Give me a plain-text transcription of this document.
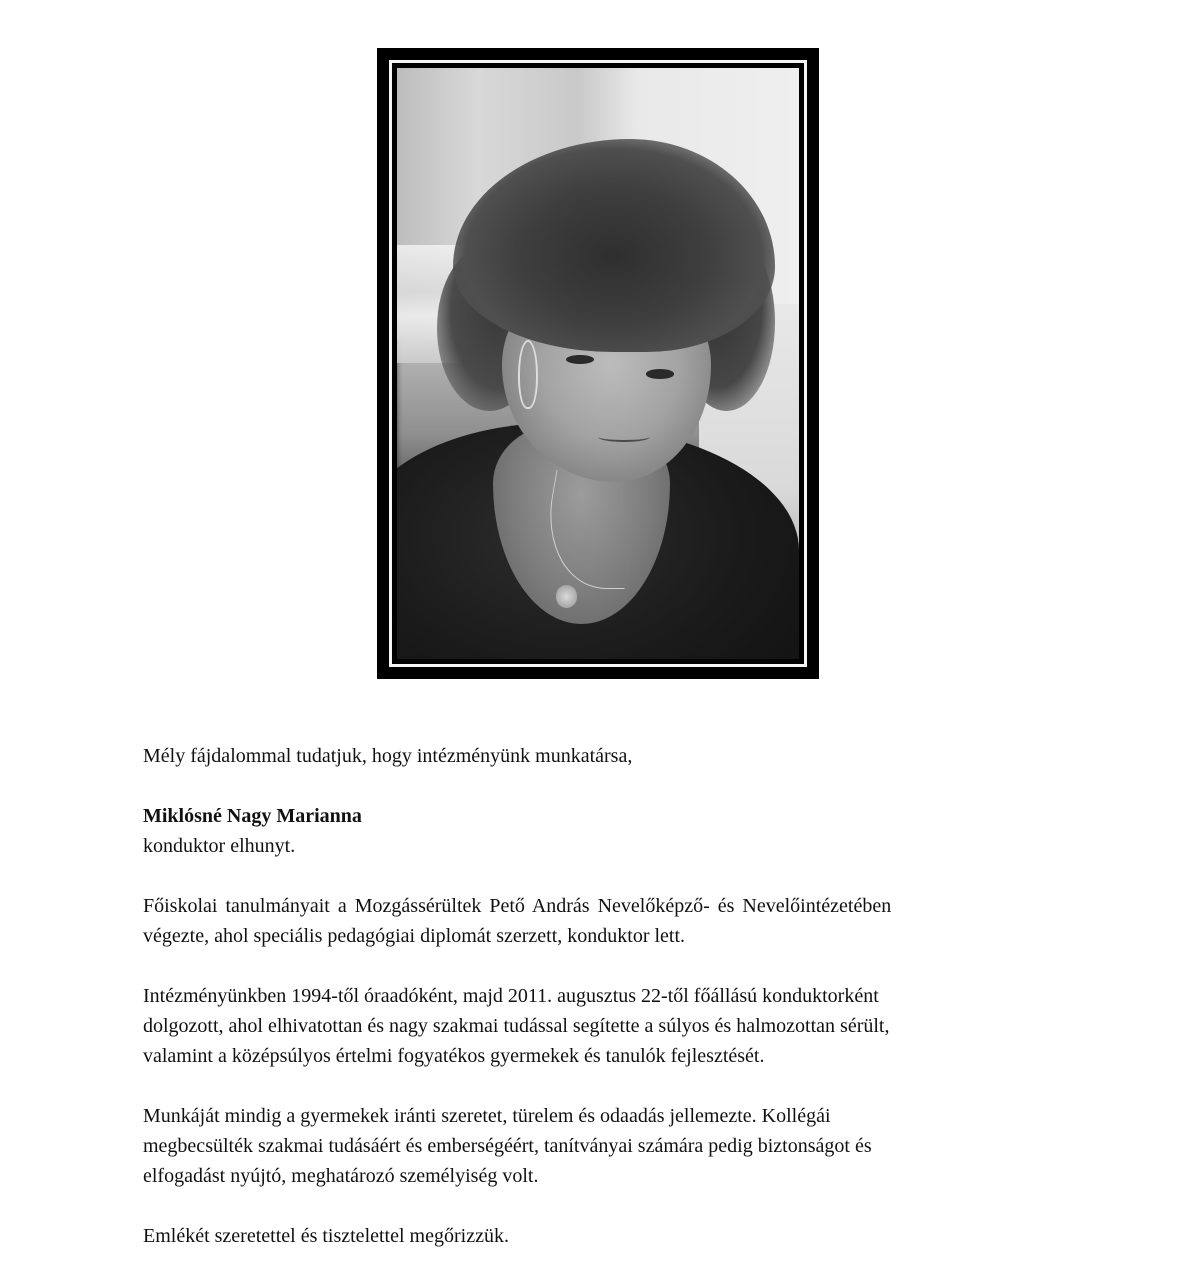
Mély fájdalommal tudatjuk, hogy intézményünk munkatársa,

Miklósné Nagy Marianna
konduktor elhunyt.

Főiskolai tanulmányait a Mozgássérültek Pető András Nevelőképző- és Nevelőintézetében
végezte, ahol speciális pedagógiai diplomát szerzett, konduktor lett.

Intézményünkben 1994-től óraadóként, majd 2011. augusztus 22-től főállású konduktorként
dolgozott, ahol elhivatottan és nagy szakmai tudással segítette a súlyos és halmozottan sérült,
valamint a középsúlyos értelmi fogyatékos gyermekek és tanulók fejlesztését.

Munkáját mindig a gyermekek iránti szeretet, türelem és odaadás jellemezte. Kollégái
megbecsülték szakmai tudásáért és emberségéért, tanítványai számára pedig biztonságot és
elfogadást nyújtó, meghatározó személyiség volt.

Emlékét szeretettel és tisztelettel megőrizzük.
